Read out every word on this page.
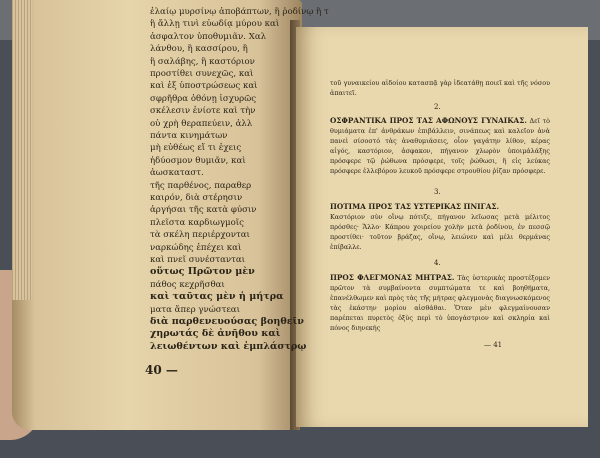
ἐλαίῳ μυρσίνῳ ἀποβάπτων, ἢ ῥοδίνῳ ἢ τ
ἢ ἄλλῃ τινὶ εὐωδίᾳ μύρου καὶ
ἀσφαλτον ὑποθυμιᾶν. Χαλ
λάνθου, ἢ κασσίρου, ἢ
ἢ σαλάβης, ἢ καστόριον
προστίθει συνεχῶς, καὶ
καὶ ἐξ ὑποστρώσεως καὶ
σφρῆθρα ὀθόνῃ ἰσχυρῶς
σκέλεσιν ἐνίοτε καὶ τὴν
οὐ χρὴ θεραπεύειν, ἀλλ
πάντα κινημάτων
μὴ εὐθέως εἴ τι ἐχεις
ἠδύοσμον θυμιᾶν, καὶ
ἀωσκαταστ.
τῆς παρθένος, παραθερ
καιρόν, διὰ στέρησιν
ἀργήσαι τῆς κατὰ φύσιν
πλεῖστα καρδιωγμοῖς
τὰ σκέλη περιέρχονται
ναρκώδης ἐπέχει καὶ
καὶ πνεῖ συνέστανται
οὕτως Πρῶτον μὲν
πάθος κεχρῆσθαι
καὶ ταῦτας μὲν ἡ μήτρα
ματα ἄπερ γνώστεαι
διὰ παρθενευούσας βοηθεῖν
χηρωτάς δὲ ἀνῆθου καὶ
λειωθέντων καὶ ἐμπλάστρῳ
40 —

τοῦ γυναικείου αἰδοίου κατασπᾷ γὰρ ἰδεατάθῃ ποιεῖ καὶ τῆς νόσου ἀπαιτεῖ.

2.

ΟΣΦΡΑΝΤΙΚΑ ΠΡΟΣ ΤΑΣ ΑΦΩΝΟΥΣ ΓΥΝΑΙΚΑΣ. Δεῖ τὸ θυμιάματα ἐπ' ἀνθράκων ἐπιβάλλειν, σινάπεως καὶ καλεῖον ἀνὰ πανεὶ σίσοστό τὰς ἀναθυμιάσεις, οἷον γαγάτην λίθον, κέρας αἰγός, καστόριον, ἀσφακον, πήγανον χλωρὸν ὑποιμάλάξης πρόσφερε τῷ ῥώθωνα πρόσφερε, τοῖς ῥώθωσι, ἢ εἰς λεύκας πρόσφερε ἐλλεβόρου λευκοῦ πρόσφερε στρουθίου ῥίζαν πρόσφερε.

3.

ΠΟΤΙΜΑ ΠΡΟΣ ΤΑΣ ΥΣΤΕΡΙΚΑΣ ΠΝΙΓΑΣ.

Καστόριον σὺν οἴνῳ πότιζε, πήγανον λεῖωσας μετὰ μέλιτος πρόσθες· Ἄλλο· Κάπρου χοιρείου χολὴν μετὰ ῥοδίνου, ἐν πεσσῷ προστίθει· τοῦτον βράζας, οἴνῳ, λειώνεν καὶ μέλι θερμάνας ἐπίβαλλε.

4.

ΠΡΟΣ ΦΛΕΓΜΟΝΑΣ ΜΗΤΡΑΣ. Τὰς ὑστερικὰς προστέξομεν πρῶτον τὰ συμβαίνοντα συμπτώματα τε καὶ βοηθήματα, ἐπανέλθωμεν καὶ πρὸς τὰς τῆς μήτρας φλεγμονὰς διαγνωσκόμενος τὰς ἑκάστην μορίου αἰσθάθαι. Ὅταν μὲν φλεγμαίνουσαν παρέπεται πυρετὸς ὀξὺς περὶ τὸ ὑπογάστριον καὶ σκληρία καὶ πόνος διηνεκής

— 41
